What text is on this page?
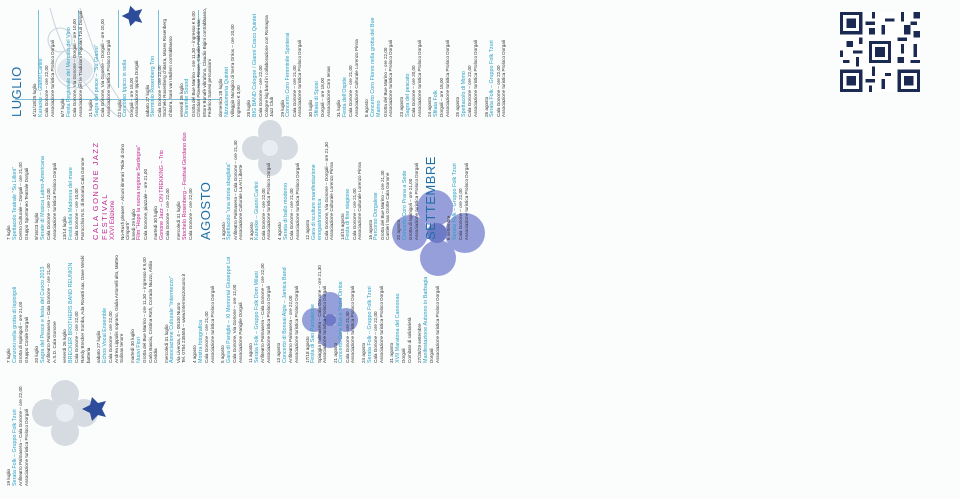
LUGLIO 4/11/18/25 luglio Karaoke – Gianni Carlini Cala Gonone – ore 22,00 Associazione turistica Proloco Dorgali 6/7 luglio Festa Regionale del Mercato del Vino Cala Gonone, Via Gonone – Dorgali – ore 10,00 Associazione per le Tradizioni Popolari Tzuri Dorgali 21 luglio Sagra del pesce – "Su Gianni" Cala Gonone, Via Gonone – Dorgali – ore 20,00 Associazione turistica Proloco Dorgali 22 luglio Concorso Ippico in sella Dorgali – ore 18,00 Associazione Ippica Dorgali sabato 27 luglio Sterminio Rosenberg Trio Cala Gonone – ore 22,00 Stochelo Rosenberg chitarra, Mozes Rosenberg chitarra, Sani van Mullem contrabbasso venerdì 26 luglio Dinamite Sound Grotta del Bue Marino – ore 11,30 – ingresso € 5,00 Christian Piovesan Rouse, Claudio Fabbrini sax, Ettore Bonafè vibrafono, Claudio Bigini contrabbasso, Federico Sanesi percussioni domenica 28 luglio Nizzalumeria Quintet Villaggio Nuragico di Serra Orrios – ore 20,00 Ingresso € 3,00 28 luglio BIG BAND Cologne / Gianni Cosco Quintet Cala Gonone – ore 22,00 Cologne big band in collaborazione con Romagna Jazz Club 29 luglio Concerto Coro Femminile Spinterai Cala Gonone – ore 21,00 Associazione turistica Proloco Dorgali 30 luglio Sfilata di Sposi Dorgali – ore 18,00 Associazione Coro Ienas 31 luglio Festa dell'Ospite Cala Gonone – ore 21,00 Associazione Culturale Lorenzo Pinna 8 agosto Concerto Coro Flores nella grotta del Bue Marino Grotta del Bue Marino – ore 22,00 Associazione turistica Proloco Dorgali 23 agosto Sagra del pescato Cala Gonone – ore 20,00 Associazione turistica Proloco Dorgali 24 agosto Sfilata Folk Dorgali – ore 18,00 Associazione turistica Proloco Dorgali 25 agosto Spettacolo di Mimo Cala Gonone – ore 22,00 Associazione turistica Proloco Dorgali 26 agosto Serata Folk – Gruppo Folk Tzuri Cala Gonone – ore 22,00 Associazione turistica Proloco Dorgali
7 luglio Spettacolo Teatrale "Su Lilloni" Centro Culturale – Dorgali – ore 21,00 Gruppo Spontaneo Teatrale Dorgali 9/16/23 luglio Serate di Musica Latino-Americana Cala Gonone – ore 22,00 Associazione turistica Proloco Dorgali 13/14 luglio Festa della Madonna del mare Cala Gonone – ore 10,00 Parrocchia N.S. di Bonaria Cala Gonone CALA GONONE JAZZ FESTIVAL XXVI Edizione No-Rush please! – Alcuni itinerari "Ride di Gino Cimporti" lunedì 29 luglio Film "Hope la nuova regione Sardegna" Cala Gonone, piazzale – ore 21,00 martedì 30 luglio Gonone Jazz – ON TREKKING – Trio Cala Gonone – ore 22,00 mercoledì 31 luglio Stochelo Rosenberg – Festival Giordano duo Cala Gonone – ore 22,00 AGOSTO 1 agosto Spettacolo "una storia sbagliata" Anfiteatro Palmasera – Cala Gonone – ore 21,30 Associazione Culturale La Art Liberte 3 agosto Karaoke – Gianni Carlini Cala Gonone – ore 22,00 Associazione turistica Proloco Dorgali 4 agosto Serata di ballo moderno Cala Gonone – ore 21,00 Associazione turistica Proloco Dorgali 12 agosto Gara di sculture manifestazione enogastronomica Cala Gonone, Via Gonone – Dorgali – ore 21,30 Associazione Culturale Lorenzo Pinna 14/15 agosto Festa di fine stagione Cala Gonone – ore 21,00 Associazione Culturale Lorenzo Pinna 16 agosto Percorso Dorgalese Grotta del Bue Marino – ore 21,30 Cantieri Sas Grotte Cala Gonone 20 agosto Concerto Coro Prana a Sede Grotta di Ispinigoli – ore 21,00 Associazione turistica Proloco Dorgali SETTEMBRE 6 settembre Serata Folk – Gruppo Folk Tzuri Cala Gonone – ore 22,00 Associazione turistica Proloco Dorgali
7 luglio Canzoni nella grotta di Ispinigoli Grotta di Ispinigoli – ore 21,00 Gruppo Corale Dorgali 20 luglio Sagra del Pesce e festa del Cuoco 2013 Anfiteatro Palmasera – Cala Gonone – ore 21,00 A.S.D. Cala Gonone venerdì 26 luglio BRECKER BROTHERS BAND REUNION Cala Gonone – ore 22,00 Randy Brecker tromba, Ada Rovatti sax, Dave Weckl batteria sabato 27 luglio Echos Vocal Ensemble Cala Gonone – ore 22,00 Andrea Lippolis soprano, Giulia Antonelli alto, Matteo Solinas tenore martedì 30 luglio Nuovi Fiori Grotta del Bue Marino – ore 11,30 – ingresso € 5,00 Carlo Basciu, Cristina Roth, Corrado Nuzzo, Attilio Ceddia mercoledì 31 luglio Associazione Culturale "Intermezzo" Via Livenza, 4 – 08100 Nuoro Tel. 0784 235555 – www.intermezzonuoro.it 4 agosto Mostra fotografica Cala Gonone – ore 21,00 Associazione turistica Proloco Dorgali 5 agosto Gara di Paniglie – XI Memorial Giuseppe Loi Cala Gonone, Via Gonone – ore 12,00 Associazione Paniglie Dorgali 11 agosto Serata Folk – Gruppo Folk Dom Milani Anfiteatro Palmasera – Cala Gonone – ore 22,00 Associazione turistica Proloco Dorgali 13 agosto Concerto di Bonsai Algiv – Jamica Band Anfiteatro Palmasera – ore 22,00 Associazione turistica Proloco Dorgali 17/18 agosto Festa di San Pantaleone Spiaggia Palmasera – Cala Gonone – ore 21,30 Associazione turistica Proloco Dorgali 21 agosto Concerto Coro Bue e Serra Orrios Cala Gonone – ore 21,30 Associazione turistica Proloco Dorgali 24 agosto Serata Folk – Gruppo Folk Tzuri Cala Gonone – ore 22,00 Associazione turistica Proloco Dorgali 31 agosto XVII Maratona del Cannonau Dorgali Comitato di solidarietà 27/28/29 settembre Manifestazione Autunno in Barbagia Dorgali Associazione turistica Proloco Dorgali
19 luglio Serata Folk – Gruppo Folk Tzuri Anfiteatro Palmasera – Cala Gonone – ore 22,00 Associazione turistica Proloco Dorgali
